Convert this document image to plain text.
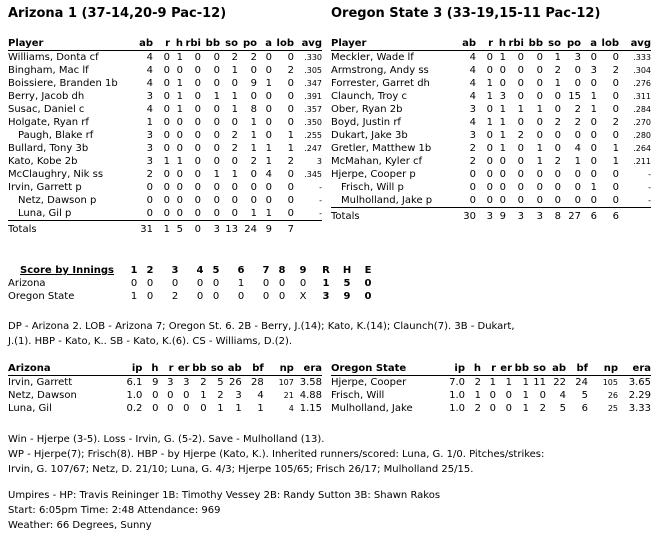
Arizona 1 (37-14,20-9 Pac-12)	Oregon State 3 (33-19,15-11 Pac-12)
Player	ab	r	h	rbi	bb	so	po	a	lob	avg
Williams, Donta cf	4	0	1	0	0	2	2	0	0	.330
Bingham, Mac lf	4	0	0	0	0	1	0	0	2	.305
Boissiere, Branden 1b	4	0	1	0	0	0	9	1	0	.347
Berry, Jacob dh	3	0	1	0	1	1	0	0	0	.391
Susac, Daniel c	4	0	1	0	0	1	8	0	0	.357
Holgate, Ryan rf	1	0	0	0	0	0	1	0	0	.350
Paugh, Blake rf	3	0	0	0	0	2	1	0	1	.255
Bullard, Tony 3b	3	0	0	0	0	2	1	1	1	.247
Kato, Kobe 2b	3	1	1	0	0	0	2	1	2	3
McClaughry, Nik ss	2	0	0	0	1	1	0	4	0	.345
Irvin, Garrett p	0	0	0	0	0	0	0	0	0	-
Netz, Dawson p	0	0	0	0	0	0	0	0	0	-
Luna, Gil p	0	0	0	0	0	0	1	1	0	-
Totals	31	1	5	0	3	13	24	9	7	
Player	ab	r	h	rbi	bb	so	po	a	lob	avg
Meckler, Wade lf	4	0	1	0	0	1	3	0	0	.333
Armstrong, Andy ss	4	0	0	0	0	2	0	3	2	.304
Forrester, Garret dh	4	1	0	0	0	1	0	0	0	.276
Claunch, Troy c	4	1	3	0	0	0	15	1	0	.311
Ober, Ryan 2b	3	0	1	1	1	0	2	1	0	.284
Boyd, Justin rf	4	1	1	0	0	2	2	0	2	.270
Dukart, Jake 3b	3	0	1	2	0	0	0	0	0	.280
Gretler, Matthew 1b	2	0	1	0	1	0	4	0	1	.264
McMahan, Kyler cf	2	0	0	0	1	2	1	0	1	.211
Hjerpe, Cooper p	0	0	0	0	0	0	0	0	0	-
Frisch, Will p	0	0	0	0	0	0	0	1	0	-
Mulholland, Jake p	0	0	0	0	0	0	0	0	0	-
Totals	30	3	9	3	3	8	27	6	6	
Score by Innings	1	2	3	4	5	6	7	8	9	R	H	E
Arizona	0	0	0	0	0	1	0	0	0	1	5	0
Oregon State	1	0	2	0	0	0	0	0	X	3	9	0
DP - Arizona 2. LOB - Arizona 7; Oregon St. 6. 2B - Berry, J.(14); Kato, K.(14); Claunch(7). 3B - Dukart,
J.(1). HBP - Kato, K.. SB - Kato, K.(6). CS - Williams, D.(2).
Arizona	ip	h	r	er	bb	so	ab	bf	np	era
Irvin, Garrett	6.1	9	3	3	2	5	26	28	107	3.58
Netz, Dawson	1.0	0	0	0	1	2	3	4	21	4.88
Luna, Gil	0.2	0	0	0	0	1	1	1	4	1.15
Oregon State	ip	h	r	er	bb	so	ab	bf	np	era
Hjerpe, Cooper	7.0	2	1	1	1	11	22	24	105	3.65
Frisch, Will	1.0	1	0	0	1	0	4	5	26	2.29
Mulholland, Jake	1.0	2	0	0	1	2	5	6	25	3.33
Win - Hjerpe (3-5). Loss - Irvin, G. (5-2). Save - Mulholland (13).
WP - Hjerpe(7); Frisch(8). HBP - by Hjerpe (Kato, K.). Inherited runners/scored: Luna, G. 1/0. Pitches/strikes:
Irvin, G. 107/67; Netz, D. 21/10; Luna, G. 4/3; Hjerpe 105/65; Frisch 26/17; Mulholland 25/15.
Umpires - HP: Travis Reininger 1B: Timothy Vessey 2B: Randy Sutton 3B: Shawn Rakos
Start: 6:05pm Time: 2:48 Attendance: 969
Weather: 66 Degrees, Sunny
